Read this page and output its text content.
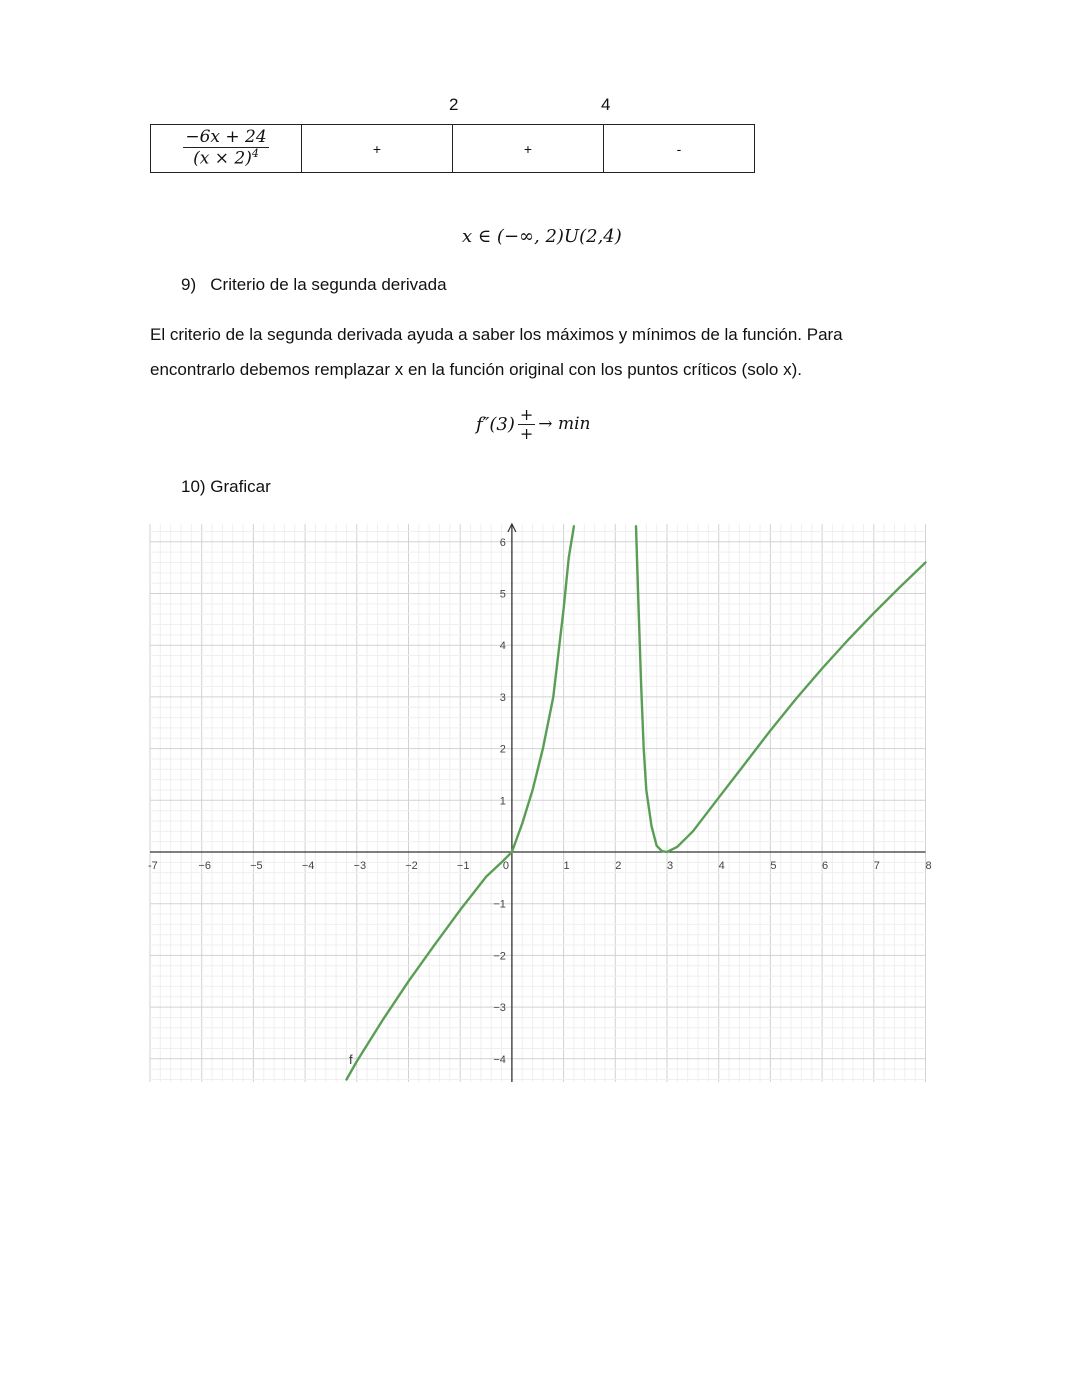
2	4
$\frac{-6x + 24}{(x \times 2)^4}$	+	+	-
x ∈ (−∞, 2)U(2,4)
9)   Criterio de la segunda derivada
El criterio de la segunda derivada ayuda a saber los máximos y mínimos de la función. Para
encontrarlo debemos remplazar x en la función original con los puntos críticos (solo x).
$f''(3) \frac{+}{+} \to \min$
10) Graficar
-7	−6	−5	−4	−3	−2	−1	0	1	2	3	4	5	6	7	8
6
5
4
3
2
1
−1
−2
−3
−4
f
